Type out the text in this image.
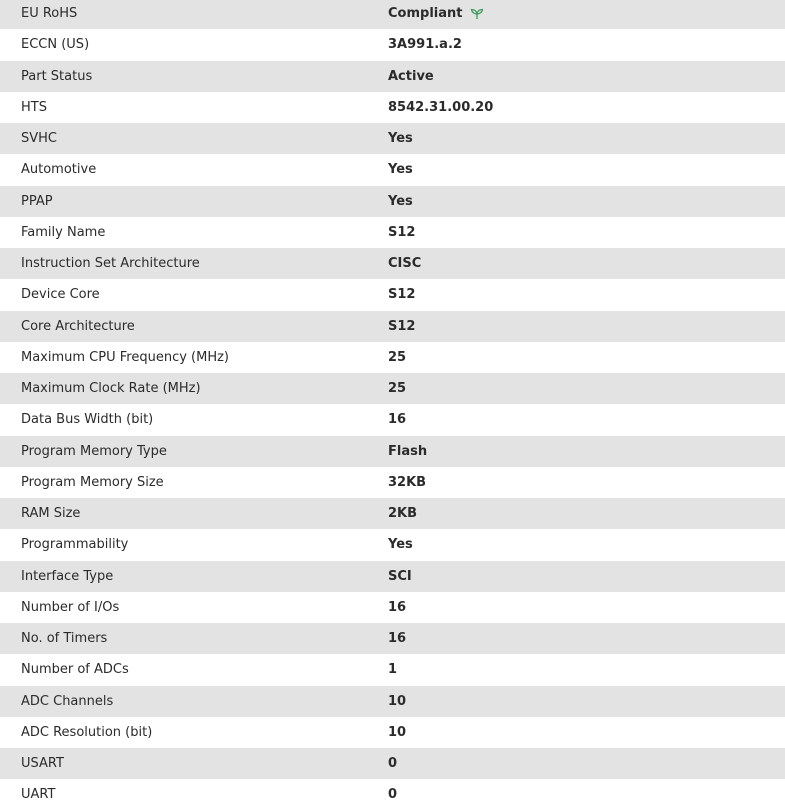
EU RoHS	Compliant
ECCN (US)	3A991.a.2
Part Status	Active
HTS	8542.31.00.20
SVHC	Yes
Automotive	Yes
PPAP	Yes
Family Name	S12
Instruction Set Architecture	CISC
Device Core	S12
Core Architecture	S12
Maximum CPU Frequency (MHz)	25
Maximum Clock Rate (MHz)	25
Data Bus Width (bit)	16
Program Memory Type	Flash
Program Memory Size	32KB
RAM Size	2KB
Programmability	Yes
Interface Type	SCI
Number of I/Os	16
No. of Timers	16
Number of ADCs	1
ADC Channels	10
ADC Resolution (bit)	10
USART	0
UART	0
